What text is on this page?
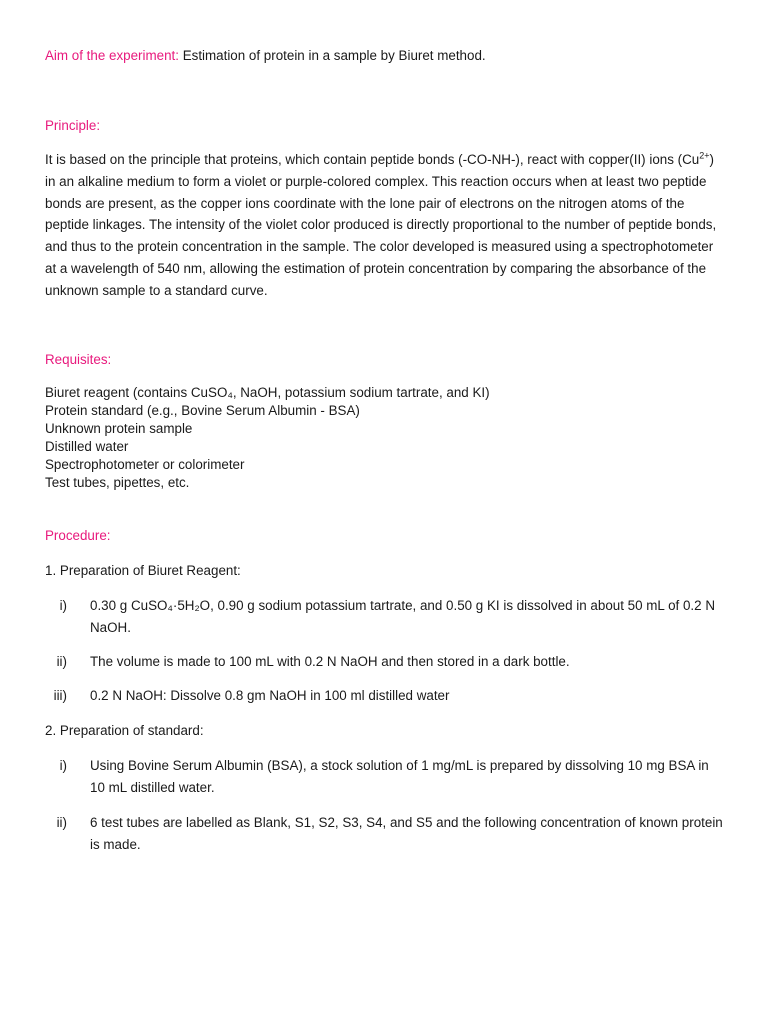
Aim of the experiment: Estimation of protein in a sample by Biuret method.
Principle:
It is based on the principle that proteins, which contain peptide bonds (-CO-NH-), react with copper(II) ions $(Cu^{2+})$ in an alkaline medium to form a violet or purple-colored complex. This reaction occurs when at least two peptide bonds are present, as the copper ions coordinate with the lone pair of electrons on the nitrogen atoms of the peptide linkages. The intensity of the violet color produced is directly proportional to the number of peptide bonds, and thus to the protein concentration in the sample. The color developed is measured using a spectrophotometer at a wavelength of 540 nm, allowing the estimation of protein concentration by comparing the absorbance of the unknown sample to a standard curve.
Requisites:
Biuret reagent (contains CuSO₄, NaOH, potassium sodium tartrate, and KI)
Protein standard (e.g., Bovine Serum Albumin - BSA)
Unknown protein sample
Distilled water
Spectrophotometer or colorimeter
Test tubes, pipettes, etc.
Procedure:
1. Preparation of Biuret Reagent:
i) 0.30 g CuSO₄·5H₂O, 0.90 g sodium potassium tartrate, and 0.50 g KI is dissolved in about 50 mL of 0.2 N NaOH.
ii) The volume is made to 100 mL with 0.2 N NaOH and then stored in a dark bottle.
iii) 0.2 N NaOH: Dissolve 0.8 gm NaOH in 100 ml distilled water
2. Preparation of standard:
i) Using Bovine Serum Albumin (BSA), a stock solution of 1 mg/mL is prepared by dissolving 10 mg BSA in 10 mL distilled water.
ii) 6 test tubes are labelled as Blank, S1, S2, S3, S4, and S5 and the following concentration of known protein is made.
